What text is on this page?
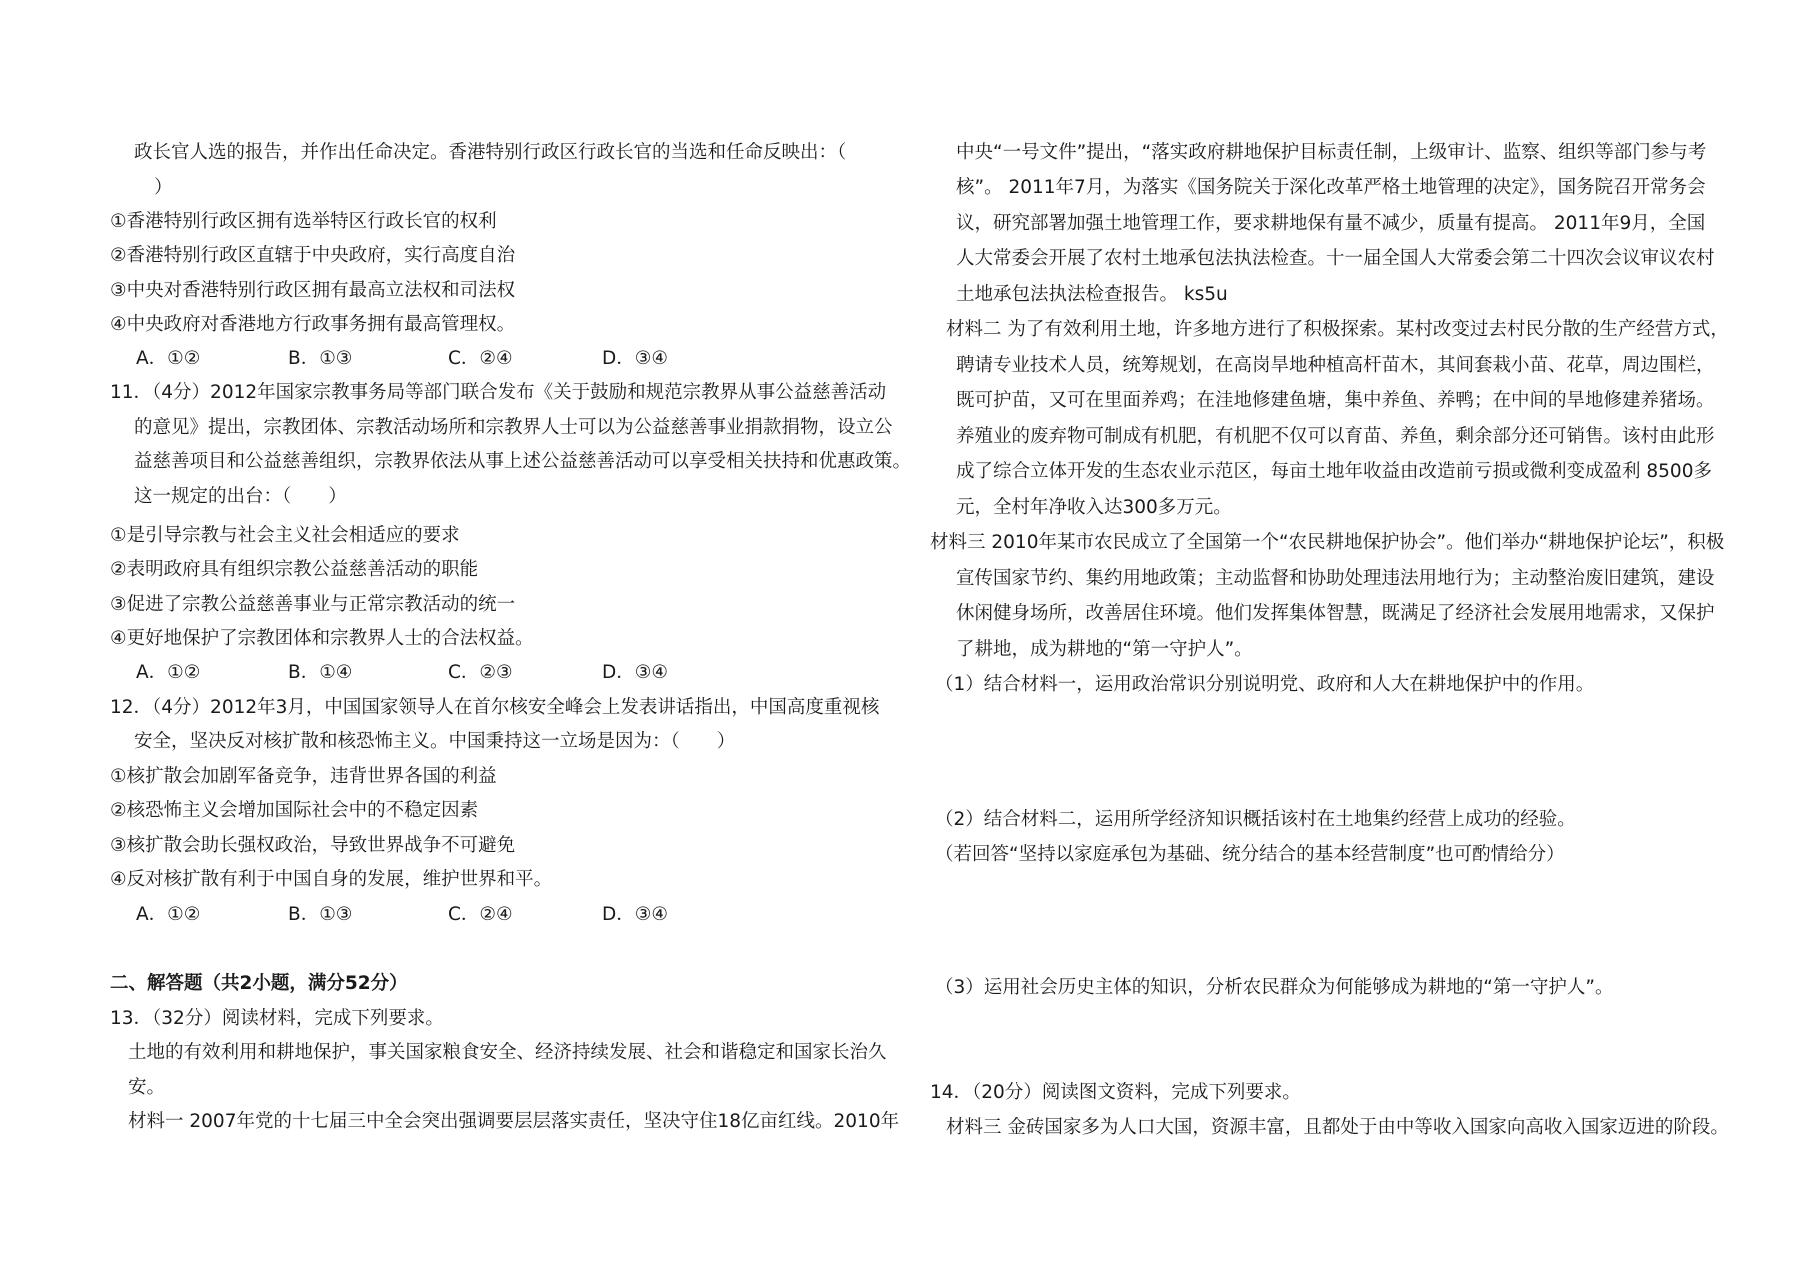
政长官人选的报告，并作出任命决定。香港特别行政区行政长官的当选和任命反映出：（
）
①香港特别行政区拥有选举特区行政长官的权利
②香港特别行政区直辖于中央政府，实行高度自治
③中央对香港特别行政区拥有最高立法权和司法权
④中央政府对香港地方行政事务拥有最高管理权。
A．①②	B．①③	C．②④	D．③④
11．（4分）2012年国家宗教事务局等部门联合发布《关于鼓励和规范宗教界从事公益慈善活动
的意见》提出，宗教团体、宗教活动场所和宗教界人士可以为公益慈善事业捐款捐物，设立公
益慈善项目和公益慈善组织，宗教界依法从事上述公益慈善活动可以享受相关扶持和优惠政策。
这一规定的出台：（　　）
①是引导宗教与社会主义社会相适应的要求
②表明政府具有组织宗教公益慈善活动的职能
③促进了宗教公益慈善事业与正常宗教活动的统一
④更好地保护了宗教团体和宗教界人士的合法权益。
A．①②	B．①④	C．②③	D．③④
12．（4分）2012年3月，中国国家领导人在首尔核安全峰会上发表讲话指出，中国高度重视核
安全，坚决反对核扩散和核恐怖主义。中国秉持这一立场是因为：（　　）
①核扩散会加剧军备竞争，违背世界各国的利益
②核恐怖主义会增加国际社会中的不稳定因素
③核扩散会助长强权政治，导致世界战争不可避免
④反对核扩散有利于中国自身的发展，维护世界和平。
A．①②	B．①③	C．②④	D．③④
二、解答题（共2小题，满分52分）
13．（32分）阅读材料，完成下列要求。
土地的有效利用和耕地保护，事关国家粮食安全、经济持续发展、社会和谐稳定和国家长治久
安。
材料一 2007年党的十七届三中全会突出强调要层层落实责任，坚决守住18亿亩红线。2010年
中央“一号文件”提出，“落实政府耕地保护目标责任制，上级审计、监察、组织等部门参与考
核”。 2011年7月，为落实《国务院关于深化改革严格土地管理的决定》，国务院召开常务会
议，研究部署加强土地管理工作，要求耕地保有量不减少，质量有提高。 2011年9月，全国
人大常委会开展了农村土地承包法执法检查。十一届全国人大常委会第二十四次会议审议农村
土地承包法执法检查报告。 ks5u
材料二 为了有效利用土地，许多地方进行了积极探索。某村改变过去村民分散的生产经营方式，
聘请专业技术人员，统筹规划，在高岗旱地种植高杆苗木，其间套栽小苗、花草，周边围栏，
既可护苗，又可在里面养鸡；在洼地修建鱼塘，集中养鱼、养鸭；在中间的旱地修建养猪场。
养殖业的废弃物可制成有机肥，有机肥不仅可以育苗、养鱼，剩余部分还可销售。该村由此形
成了综合立体开发的生态农业示范区，每亩土地年收益由改造前亏损或微利变成盈利 8500多
元，全村年净收入达300多万元。
材料三 2010年某市农民成立了全国第一个“农民耕地保护协会”。他们举办“耕地保护论坛”，积极
宣传国家节约、集约用地政策；主动监督和协助处理违法用地行为；主动整治废旧建筑，建设
休闲健身场所，改善居住环境。他们发挥集体智慧，既满足了经济社会发展用地需求，又保护
了耕地，成为耕地的“第一守护人”。
（1）结合材料一，运用政治常识分别说明党、政府和人大在耕地保护中的作用。
（2）结合材料二，运用所学经济知识概括该村在土地集约经营上成功的经验。
（若回答“坚持以家庭承包为基础、统分结合的基本经营制度”也可酌情给分）
（3）运用社会历史主体的知识，分析农民群众为何能够成为耕地的“第一守护人”。
14．（20分）阅读图文资料，完成下列要求。
材料三 金砖国家多为人口大国，资源丰富，且都处于由中等收入国家向高收入国家迈进的阶段。
